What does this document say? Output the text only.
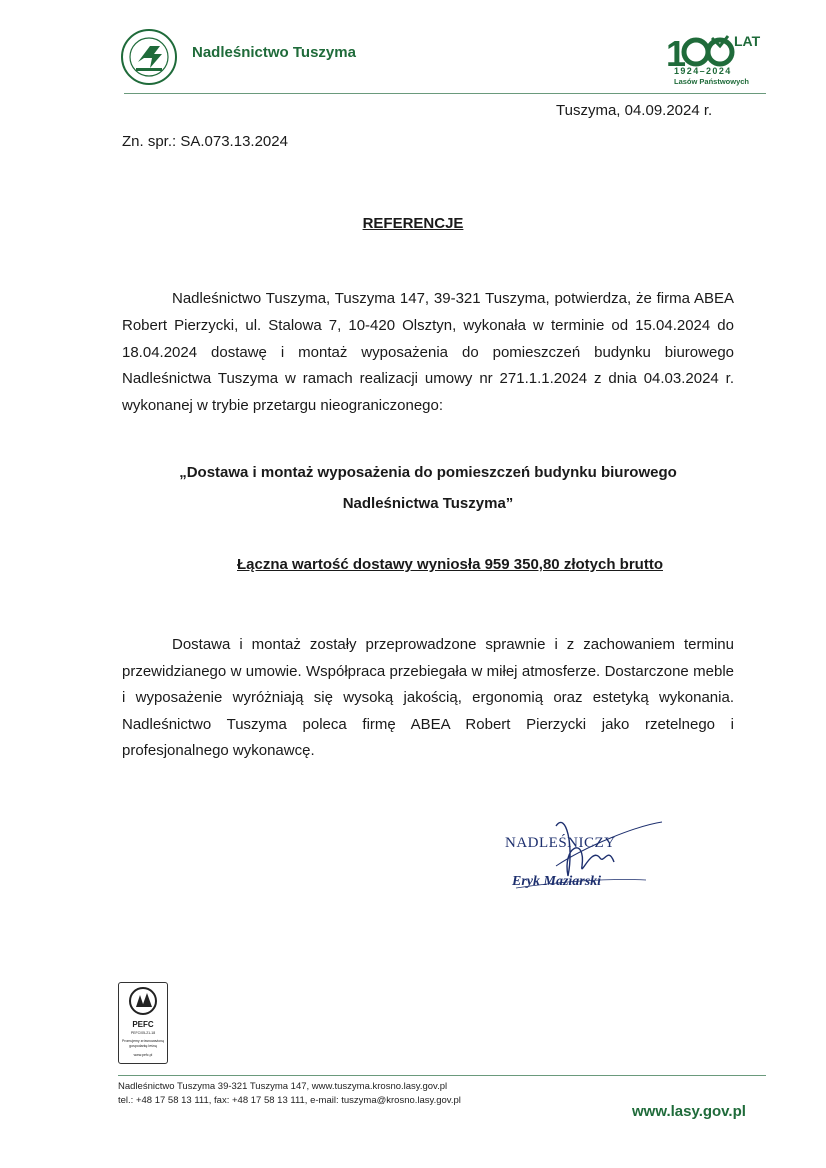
Nadleśnictwo Tuszyma	1	LAT
1924–2024
Lasów Państwowych
Tuszyma, 04.09.2024 r.
Zn. spr.: SA.073.13.2024
REFERENCJE
Nadleśnictwo Tuszyma, Tuszyma 147, 39-321 Tuszyma, potwierdza, że firma ABEA Robert Pierzycki, ul. Stalowa 7, 10-420 Olsztyn, wykonała w terminie od 15.04.2024 do 18.04.2024 dostawę i montaż wyposażenia do pomieszczeń budynku biurowego Nadleśnictwa Tuszyma w ramach realizacji umowy nr 271.1.1.2024 z dnia 04.03.2024 r. wykonanej w trybie przetargu nieograniczonego:
„Dostawa i montaż wyposażenia do pomieszczeń budynku biurowego
Nadleśnictwa Tuszyma”
Łączna wartość dostawy wyniosła 959 350,80 złotych brutto
Dostawa i montaż zostały przeprowadzone sprawnie i z zachowaniem terminu przewidzianego w umowie. Współpraca przebiegała w miłej atmosferze. Dostarczone meble i wyposażenie wyróżniają się wysoką jakością, ergonomią oraz estetyką wykonania. Nadleśnictwo Tuszyma poleca firmę ABEA Robert Pierzycki jako rzetelnego i profesjonalnego wykonawcę.
NADLEŚNICZY
Eryk Maziarski
PEFC
PEFC/05-21-18
Promujemy zrównoważoną gospodarkę leśną
www.pefc.pl
Nadleśnictwo Tuszyma 39-321 Tuszyma 147, www.tuszyma.krosno.lasy.gov.pl
tel.: +48 17 58 13 111, fax: +48 17 58 13 111, e-mail: tuszyma@krosno.lasy.gov.pl
www.lasy.gov.pl
